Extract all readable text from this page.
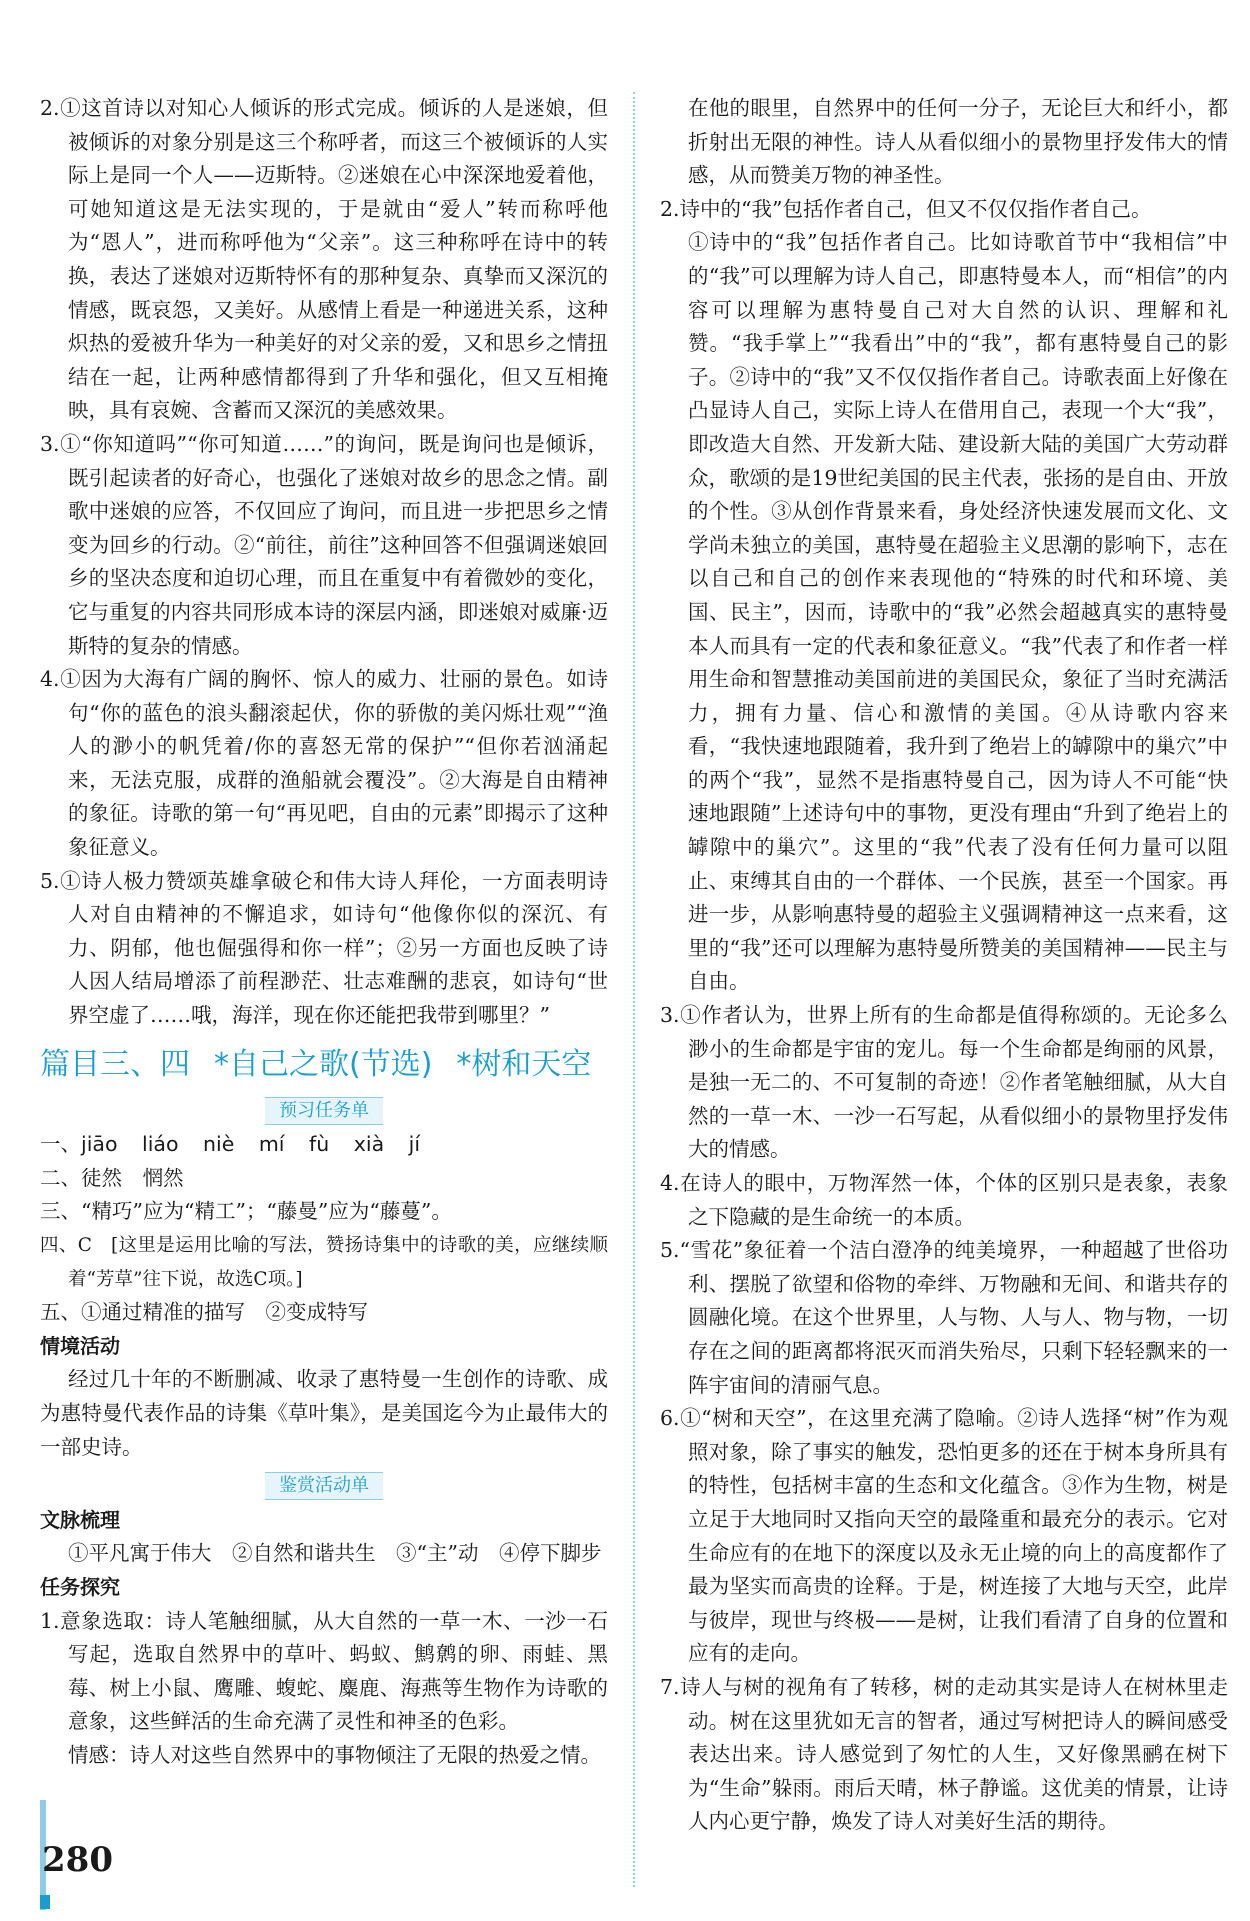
2.①这首诗以对知心人倾诉的形式完成。倾诉的人是迷娘，但被倾诉的对象分别是这三个称呼者，而这三个被倾诉的人实际上是同一个人——迈斯特。②迷娘在心中深深地爱着他，可她知道这是无法实现的，于是就由“爱人”转而称呼他为“恩人”，进而称呼他为“父亲”。这三种称呼在诗中的转换，表达了迷娘对迈斯特怀有的那种复杂、真挚而又深沉的情感，既哀怨，又美好。从感情上看是一种递进关系，这种炽热的爱被升华为一种美好的对父亲的爱，又和思乡之情扭结在一起，让两种感情都得到了升华和强化，但又互相掩映，具有哀婉、含蓄而又深沉的美感效果。

3.①“你知道吗”“你可知道……”的询问，既是询问也是倾诉，既引起读者的好奇心，也强化了迷娘对故乡的思念之情。副歌中迷娘的应答，不仅回应了询问，而且进一步把思乡之情变为回乡的行动。②“前往，前往”这种回答不但强调迷娘回乡的坚决态度和迫切心理，而且在重复中有着微妙的变化，它与重复的内容共同形成本诗的深层内涵，即迷娘对威廉·迈斯特的复杂的情感。

4.①因为大海有广阔的胸怀、惊人的威力、壮丽的景色。如诗句“你的蓝色的浪头翻滚起伏，你的骄傲的美闪烁壮观”“渔人的渺小的帆凭着/你的喜怒无常的保护”“但你若汹涌起来，无法克服，成群的渔船就会覆没”。②大海是自由精神的象征。诗歌的第一句“再见吧，自由的元素”即揭示了这种象征意义。

5.①诗人极力赞颂英雄拿破仑和伟大诗人拜伦，一方面表明诗人对自由精神的不懈追求，如诗句“他像你似的深沉、有力、阴郁，他也倔强得和你一样”；②另一方面也反映了诗人因人结局增添了前程渺茫、壮志难酬的悲哀，如诗句“世界空虚了……哦，海洋，现在你还能把我带到哪里？”

篇目三、四 *自己之歌(节选) *树和天空
预习任务单

一、jiāo liáo niè mí fù xià jí

二、徒然　惘然

三、“精巧”应为“精工”；“藤曼”应为“藤蔓”。

四、C　[这里是运用比喻的写法，赞扬诗集中的诗歌的美，应继续顺着“芳草”往下说，故选C项。]

五、①通过精准的描写　②变成特写

情境活动

经过几十年的不断删减、收录了惠特曼一生创作的诗歌、成为惠特曼代表作品的诗集《草叶集》，是美国迄今为止最伟大的一部史诗。

鉴赏活动单
文脉梳理

①平凡寓于伟大　②自然和谐共生　③“主”动　④停下脚步

任务探究

1.意象选取：诗人笔触细腻，从大自然的一草一木、一沙一石写起，选取自然界中的草叶、蚂蚁、鹪鹩的卵、雨蛙、黑莓、树上小鼠、鹰雕、蝮蛇、麋鹿、海燕等生物作为诗歌的意象，这些鲜活的生命充满了灵性和神圣的色彩。

情感：诗人对这些自然界中的事物倾注了无限的热爱之情。

在他的眼里，自然界中的任何一分子，无论巨大和纤小，都折射出无限的神性。诗人从看似细小的景物里抒发伟大的情感，从而赞美万物的神圣性。

2.诗中的“我”包括作者自己，但又不仅仅指作者自己。

①诗中的“我”包括作者自己。比如诗歌首节中“我相信”中的“我”可以理解为诗人自己，即惠特曼本人，而“相信”的内容可以理解为惠特曼自己对大自然的认识、理解和礼赞。“我手掌上”“我看出”中的“我”，都有惠特曼自己的影子。②诗中的“我”又不仅仅指作者自己。诗歌表面上好像在凸显诗人自己，实际上诗人在借用自己，表现一个大“我”，即改造大自然、开发新大陆、建设新大陆的美国广大劳动群众，歌颂的是19世纪美国的民主代表，张扬的是自由、开放的个性。③从创作背景来看，身处经济快速发展而文化、文学尚未独立的美国，惠特曼在超验主义思潮的影响下，志在以自己和自己的创作来表现他的“特殊的时代和环境、美国、民主”，因而，诗歌中的“我”必然会超越真实的惠特曼本人而具有一定的代表和象征意义。“我”代表了和作者一样用生命和智慧推动美国前进的美国民众，象征了当时充满活力，拥有力量、信心和激情的美国。④从诗歌内容来看，“我快速地跟随着，我升到了绝岩上的罅隙中的巢穴”中的两个“我”，显然不是指惠特曼自己，因为诗人不可能“快速地跟随”上述诗句中的事物，更没有理由“升到了绝岩上的罅隙中的巢穴”。这里的“我”代表了没有任何力量可以阻止、束缚其自由的一个群体、一个民族，甚至一个国家。再进一步，从影响惠特曼的超验主义强调精神这一点来看，这里的“我”还可以理解为惠特曼所赞美的美国精神——民主与自由。

3.①作者认为，世界上所有的生命都是值得称颂的。无论多么渺小的生命都是宇宙的宠儿。每一个生命都是绚丽的风景，是独一无二的、不可复制的奇迹！②作者笔触细腻，从大自然的一草一木、一沙一石写起，从看似细小的景物里抒发伟大的情感。

4.在诗人的眼中，万物浑然一体，个体的区别只是表象，表象之下隐藏的是生命统一的本质。

5.“雪花”象征着一个洁白澄净的纯美境界，一种超越了世俗功利、摆脱了欲望和俗物的牵绊、万物融和无间、和谐共存的圆融化境。在这个世界里，人与物、人与人、物与物，一切存在之间的距离都将泯灭而消失殆尽，只剩下轻轻飘来的一阵宇宙间的清丽气息。

6.①“树和天空”，在这里充满了隐喻。②诗人选择“树”作为观照对象，除了事实的触发，恐怕更多的还在于树本身所具有的特性，包括树丰富的生态和文化蕴含。③作为生物，树是立足于大地同时又指向天空的最隆重和最充分的表示。它对生命应有的在地下的深度以及永无止境的向上的高度都作了最为坚实而高贵的诠释。于是，树连接了大地与天空，此岸与彼岸，现世与终极——是树，让我们看清了自身的位置和应有的走向。

7.诗人与树的视角有了转移，树的走动其实是诗人在树林里走动。树在这里犹如无言的智者，通过写树把诗人的瞬间感受表达出来。诗人感觉到了匆忙的人生，又好像黑鹂在树下为“生命”躲雨。雨后天晴，林子静谧。这优美的情景，让诗人内心更宁静，焕发了诗人对美好生活的期待。

280
